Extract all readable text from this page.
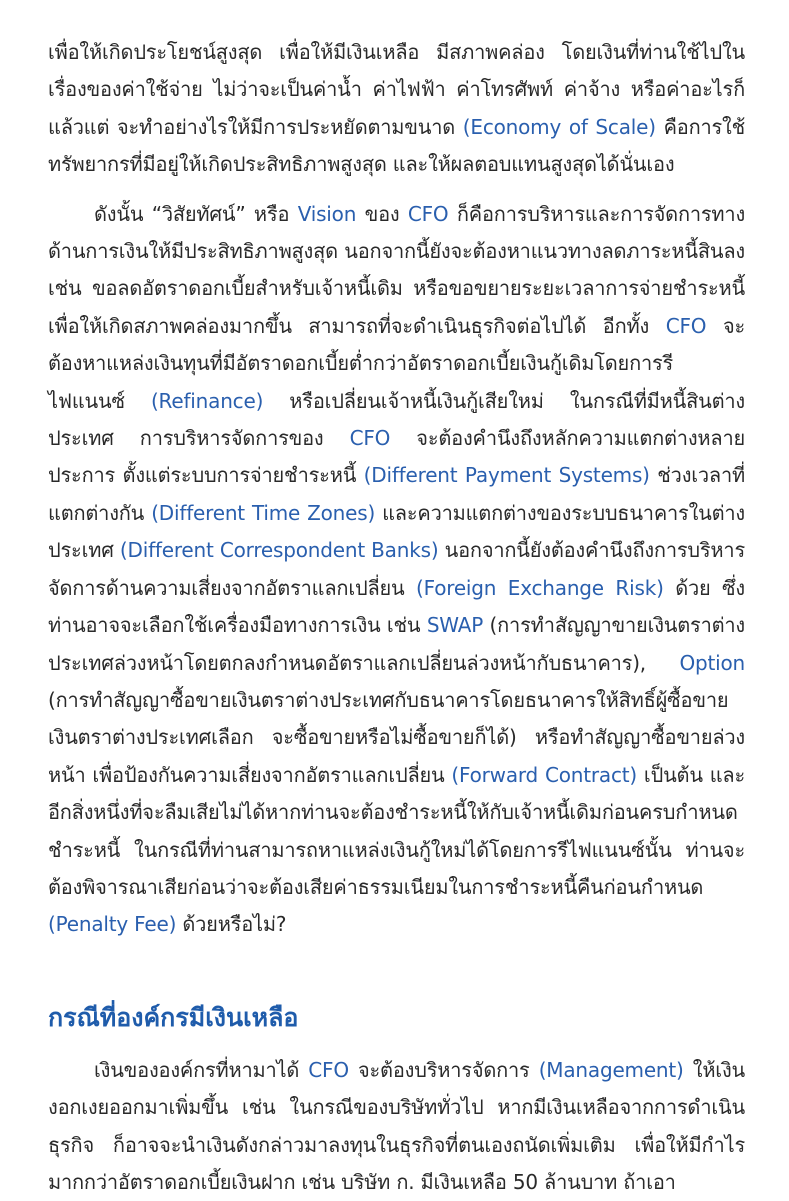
เพื่อให้เกิดประโยชน์สูงสุด เพื่อให้มีเงินเหลือ มีสภาพคล่อง โดยเงินที่ท่านใช้ไปในเรื่องของค่าใช้จ่าย ไม่ว่าจะเป็นค่าน้ำ ค่าไฟฟ้า ค่าโทรศัพท์ ค่าจ้าง หรือค่าอะไรก็แล้วแต่ จะทำอย่างไรให้มีการประหยัดตามขนาด (Economy of Scale) คือการใช้ทรัพยากรที่มีอยู่ให้เกิดประสิทธิภาพสูงสุด และให้ผลตอบแทนสูงสุดได้นั่นเอง

ดังนั้น “วิสัยทัศน์” หรือ Vision ของ CFO ก็คือการบริหารและการจัดการทางด้านการเงินให้มีประสิทธิภาพสูงสุด นอกจากนี้ยังจะต้องหาแนวทางลดภาระหนี้สินลง เช่น ขอลดอัตราดอกเบี้ยสำหรับเจ้าหนี้เดิม หรือขอขยายระยะเวลาการจ่ายชำระหนี้ เพื่อให้เกิดสภาพคล่องมากขึ้น สามารถที่จะดำเนินธุรกิจต่อไปได้ อีกทั้ง CFO จะต้องหาแหล่งเงินทุนที่มีอัตราดอกเบี้ยต่ำกว่าอัตราดอกเบี้ยเงินกู้เดิมโดยการรีไฟแนนซ์ (Refinance) หรือเปลี่ยนเจ้าหนี้เงินกู้เสียใหม่ ในกรณีที่มีหนี้สินต่างประเทศ การบริหารจัดการของ CFO จะต้องคำนึงถึงหลักความแตกต่างหลายประการ ตั้งแต่ระบบการจ่ายชำระหนี้ (Different Payment Systems) ช่วงเวลาที่แตกต่างกัน (Different Time Zones) และความแตกต่างของระบบธนาคารในต่างประเทศ (Different Correspondent Banks) นอกจากนี้ยังต้องคำนึงถึงการบริหารจัดการด้านความเสี่ยงจากอัตราแลกเปลี่ยน (Foreign Exchange Risk) ด้วย ซึ่งท่านอาจจะเลือกใช้เครื่องมือทางการเงิน เช่น SWAP (การทำสัญญาขายเงินตราต่างประเทศล่วงหน้าโดยตกลงกำหนดอัตราแลกเปลี่ยนล่วงหน้ากับธนาคาร), Option (การทำสัญญาซื้อขายเงินตราต่างประเทศกับธนาคารโดยธนาคารให้สิทธิ์ผู้ซื้อขายเงินตราต่างประเทศเลือก จะซื้อขายหรือไม่ซื้อขายก็ได้) หรือทำสัญญาซื้อขายล่วงหน้า เพื่อป้องกันความเสี่ยงจากอัตราแลกเปลี่ยน (Forward Contract) เป็นต้น และอีกสิ่งหนึ่งที่จะลืมเสียไม่ได้หากท่านจะต้องชำระหนี้ให้กับเจ้าหนี้เดิมก่อนครบกำหนดชำระหนี้ ในกรณีที่ท่านสามารถหาแหล่งเงินกู้ใหม่ได้โดยการรีไฟแนนซ์นั้น ท่านจะต้องพิจารณาเสียก่อนว่าจะต้องเสียค่าธรรมเนียมในการชำระหนี้คืนก่อนกำหนด (Penalty Fee) ด้วยหรือไม่?

กรณีที่องค์กรมีเงินเหลือ

เงินขององค์กรที่หามาได้ CFO จะต้องบริหารจัดการ (Management) ให้เงินงอกเงยออกมาเพิ่มขึ้น เช่น ในกรณีของบริษัททั่วไป หากมีเงินเหลือจากการดำเนินธุรกิจ ก็อาจจะนำเงินดังกล่าวมาลงทุนในธุรกิจที่ตนเองถนัดเพิ่มเติม เพื่อให้มีกำไรมากกว่าอัตราดอกเบี้ยเงินฝาก เช่น บริษัท ก. มีเงินเหลือ 50 ล้านบาท ถ้าเอา
